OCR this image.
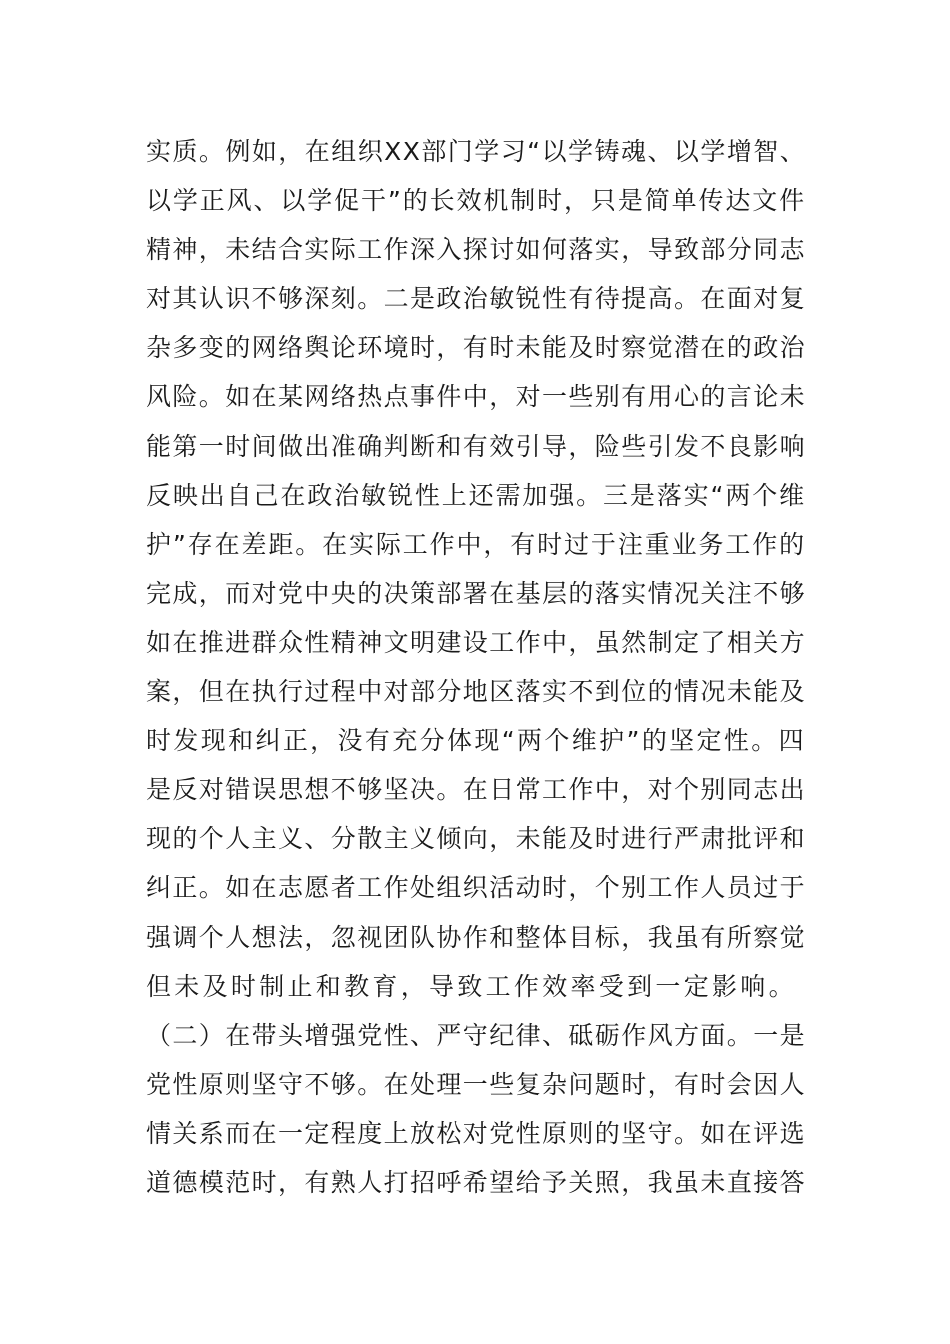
实质。例如，在组织XX部门学习“以学铸魂、以学增智、
以学正风、以学促干”的长效机制时，只是简单传达文件
精神，未结合实际工作深入探讨如何落实，导致部分同志
对其认识不够深刻。二是政治敏锐性有待提高。在面对复
杂多变的网络舆论环境时，有时未能及时察觉潜在的政治
风险。如在某网络热点事件中，对一些别有用心的言论未
能第一时间做出准确判断和有效引导，险些引发不良影响
反映出自己在政治敏锐性上还需加强。三是落实“两个维
护”存在差距。在实际工作中，有时过于注重业务工作的
完成，而对党中央的决策部署在基层的落实情况关注不够
如在推进群众性精神文明建设工作中，虽然制定了相关方
案，但在执行过程中对部分地区落实不到位的情况未能及
时发现和纠正，没有充分体现“两个维护”的坚定性。四
是反对错误思想不够坚决。在日常工作中，对个别同志出
现的个人主义、分散主义倾向，未能及时进行严肃批评和
纠正。如在志愿者工作处组织活动时，个别工作人员过于
强调个人想法，忽视团队协作和整体目标，我虽有所察觉
但未及时制止和教育，导致工作效率受到一定影响。
（二）在带头增强党性、严守纪律、砥砺作风方面。一是
党性原则坚守不够。在处理一些复杂问题时，有时会因人
情关系而在一定程度上放松对党性原则的坚守。如在评选
道德模范时，有熟人打招呼希望给予关照，我虽未直接答
